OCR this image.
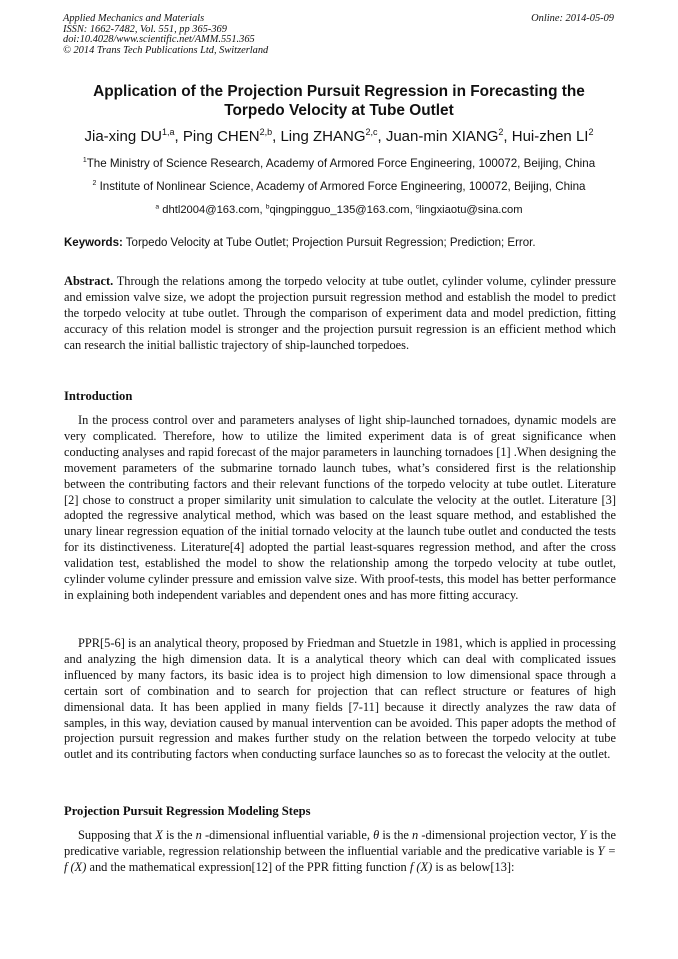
Applied Mechanics and Materials
ISSN: 1662-7482, Vol. 551, pp 365-369
doi:10.4028/www.scientific.net/AMM.551.365
© 2014 Trans Tech Publications Ltd, Switzerland
Online: 2014-05-09
Application of the Projection Pursuit Regression in Forecasting the
Torpedo Velocity at Tube Outlet
Jia-xing DU$^{1,a}$, Ping CHEN$^{2,b}$, Ling ZHANG$^{2,c}$, Juan-min XIANG$^2$, Hui-zhen $LI^2$
$^1$The Ministry of Science Research, Academy of Armored Force Engineering, 100072, Beijing, China
$^2$ Institute of Nonlinear Science, Academy of Armored Force Engineering, 100072, Beijing, China
$^a$ dhtl2004@163.com, $^b$qingpingguo_135@163.com, $^c$lingxiaotu@sina.com
Keywords: Torpedo Velocity at Tube Outlet; Projection Pursuit Regression; Prediction; Error.

Abstract. Through the relations among the torpedo velocity at tube outlet, cylinder volume, cylinder pressure and emission valve size, we adopt the projection pursuit regression method and establish the model to predict the torpedo velocity at tube outlet. Through the comparison of experiment data and model prediction, fitting accuracy of this relation model is stronger and the projection pursuit regression is an efficient method which can research the initial ballistic trajectory of ship-launched torpedoes.

Introduction

In the process control over and parameters analyses of light ship-launched tornadoes, dynamic models are very complicated. Therefore, how to utilize the limited experiment data is of great significance when conducting analyses and rapid forecast of the major parameters in launching tornadoes [1] .When designing the movement parameters of the submarine tornado launch tubes, what’s considered first is the relationship between the contributing factors and their relevant functions of the torpedo velocity at tube outlet. Literature [2] chose to construct a proper similarity unit simulation to calculate the velocity at the outlet. Literature [3] adopted the regressive analytical method, which was based on the least square method, and established the unary linear regression equation of the initial tornado velocity at the launch tube outlet and conducted the tests for its distinctiveness. Literature[4] adopted the partial least-squares regression method, and after the cross validation test, established the model to show the relationship among the torpedo velocity at tube outlet, cylinder volume cylinder pressure and emission valve size. With proof-tests, this model has better performance in explaining both independent variables and dependent ones and has more fitting accuracy.

PPR[5-6] is an analytical theory, proposed by Friedman and Stuetzle in 1981, which is applied in processing and analyzing the high dimension data. It is a analytical theory which can deal with complicated issues influenced by many factors, its basic idea is to project high dimension to low dimensional space through a certain sort of combination and to search for projection that can reflect structure or features of high dimensional data. It has been applied in many fields [7-11] because it directly analyzes the raw data of samples, in this way, deviation caused by manual intervention can be avoided. This paper adopts the method of projection pursuit regression and makes further study on the relation between the torpedo velocity at tube outlet and its contributing factors when conducting surface launches so as to forecast the velocity at the outlet.

Projection Pursuit Regression Modeling Steps

Supposing that X is the n -dimensional influential variable, θ is the n -dimensional projection vector, Y is the predicative variable, regression relationship between the influential variable and the predicative variable is Y = f (X) and the mathematical expression[12] of the PPR fitting function f (X) is as below[13]:
